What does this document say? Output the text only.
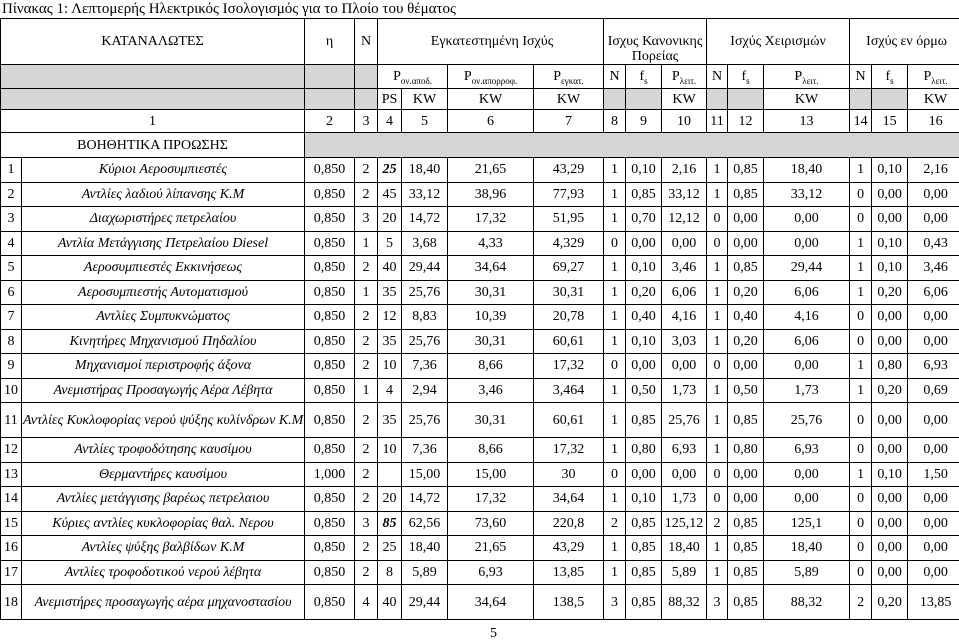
Πίνακας 1: Λεπτομερής Ηλεκτρικός Ισολογισμός για το Πλοίο του θέματος
ΚΑΤΑΝΑΛΩΤΕΣ		η	N	Εγκατεστημένη Ισχύς				Ισχυς Κανονικης Πορείας			Ισχύς Χειρισμών			Ισχύς εν όρμω		
				$P_{o\nu.\alpha\pi o\delta.}$		$P_{o\nu.\alpha\pi o\rho\rho o\varphi.}$	$P_{\varepsilon\gamma\kappa\alpha\tau.}$	N	$f_s$	$P_{\lambda\varepsilon\iota\tau.}$	N	$f_s$	$P_{\lambda\varepsilon\iota\tau.}$	N	$f_s$	$P_{\lambda\varepsilon\iota\tau.}$
				PS	KW	KW	KW			KW			KW			KW
1		2	3	4	5	6	7	8	9	10	11	12	13	14	15	16
ΒΟΗΘΗΤΙΚΑ ΠΡΟΩΣΗΣ																
1	Κύριοι Αεροσυμπιεστές	0,850	2	25	18,40	21,65	43,29	1	0,10	2,16	1	0,85	18,40	1	0,10	2,16
2	Αντλίες λαδιού λίπανσης Κ.Μ	0,850	2	45	33,12	38,96	77,93	1	0,85	33,12	1	0,85	33,12	0	0,00	0,00
3	Διαχωριστήρες πετρελαίου	0,850	3	20	14,72	17,32	51,95	1	0,70	12,12	0	0,00	0,00	0	0,00	0,00
4	Αντλία Μετάγγισης Πετρελαίου Diesel	0,850	1	5	3,68	4,33	4,329	0	0,00	0,00	0	0,00	0,00	1	0,10	0,43
5	Αεροσυμπιεστές Εκκινήσεως	0,850	2	40	29,44	34,64	69,27	1	0,10	3,46	1	0,85	29,44	1	0,10	3,46
6	Αεροσυμπιεστής Αυτοματισμού	0,850	1	35	25,76	30,31	30,31	1	0,20	6,06	1	0,20	6,06	1	0,20	6,06
7	Αντλίες Συμπυκνώματος	0,850	2	12	8,83	10,39	20,78	1	0,40	4,16	1	0,40	4,16	0	0,00	0,00
8	Κινητήρες Μηχανισμού Πηδαλίου	0,850	2	35	25,76	30,31	60,61	1	0,10	3,03	1	0,20	6,06	0	0,00	0,00
9	Μηχανισμοί περιστροφής άξονα	0,850	2	10	7,36	8,66	17,32	0	0,00	0,00	0	0,00	0,00	1	0,80	6,93
10	Ανεμιστήρας Προσαγωγής Αέρα Λέβητα	0,850	1	4	2,94	3,46	3,464	1	0,50	1,73	1	0,50	1,73	1	0,20	0,69
11	Αντλίες Κυκλοφορίας νερού ψύξης κυλίνδρων Κ.Μ	0,850	2	35	25,76	30,31	60,61	1	0,85	25,76	1	0,85	25,76	0	0,00	0,00
12	Αντλίες τροφοδότησης καυσίμου	0,850	2	10	7,36	8,66	17,32	1	0,80	6,93	1	0,80	6,93	0	0,00	0,00
13	Θερμαντήρες καυσίμου	1,000	2		15,00	15,00	30	0	0,00	0,00	0	0,00	0,00	1	0,10	1,50
14	Αντλίες μετάγγισης βαρέως πετρελαιου	0,850	2	20	14,72	17,32	34,64	1	0,10	1,73	0	0,00	0,00	0	0,00	0,00
15	Κύριες αντλίες κυκλοφορίας θαλ. Νερου	0,850	3	85	62,56	73,60	220,8	2	0,85	125,12	2	0,85	125,1	0	0,00	0,00
16	Αντλίες ψύξης βαλβίδων Κ.Μ	0,850	2	25	18,40	21,65	43,29	1	0,85	18,40	1	0,85	18,40	0	0,00	0,00
17	Αντλίες τροφοδοτικού νερού λέβητα	0,850	2	8	5,89	6,93	13,85	1	0,85	5,89	1	0,85	5,89	0	0,00	0,00
18	Ανεμιστήρες προσαγωγής αέρα μηχανοστασίου	0,850	4	40	29,44	34,64	138,5	3	0,85	88,32	3	0,85	88,32	2	0,20	13,85
5
